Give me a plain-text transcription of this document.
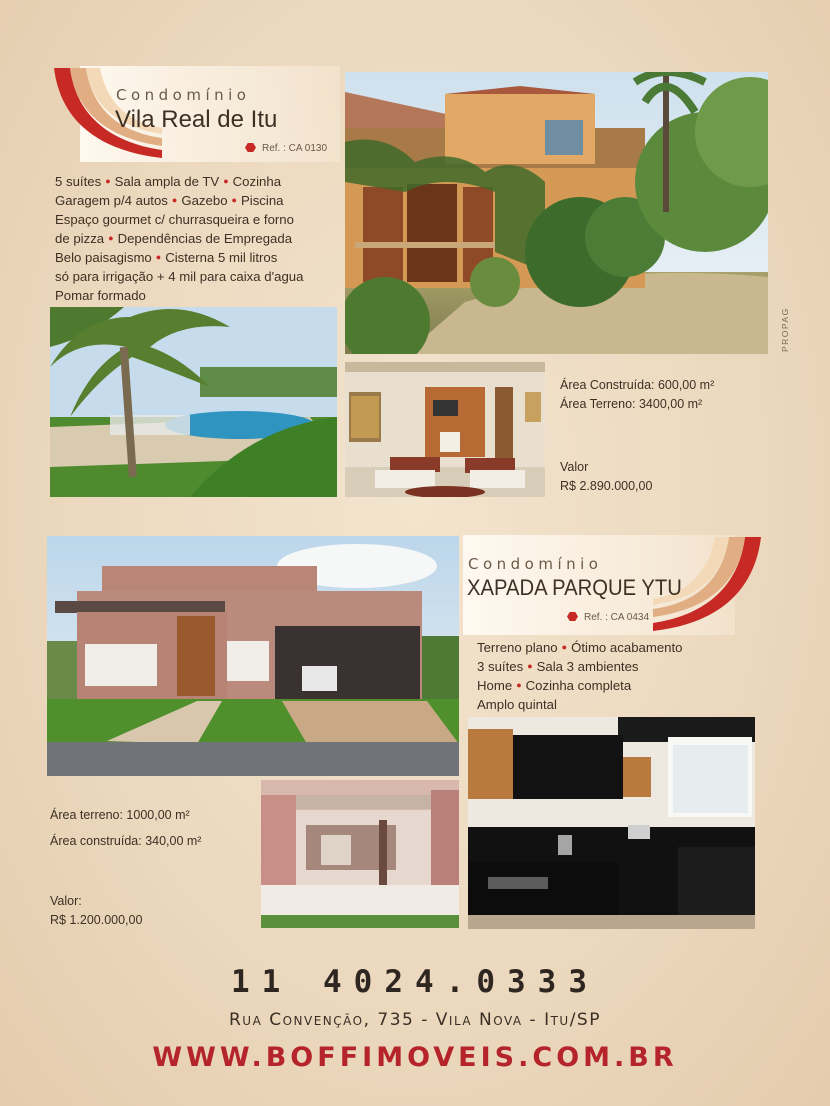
Condomínio
Vila Real de Itu
Ref. : CA 0130
5 suítes ● Sala ampla de TV ● Cozinha
Garagem p/4 autos ● Gazebo ● Piscina
Espaço gourmet c/ churrasqueira e forno
de pizza ● Dependências de Empregada
Belo paisagismo ● Cisterna 5 mil litros
só para irrigação + 4 mil para caixa d'agua
Pomar formado
Área Construída: 600,00 m²
Área Terreno: 3400,00 m²
Valor
R$ 2.890.000,00
PROPAG
Condomínio
XAPADA PARQUE YTU
Ref. : CA 0434
Terreno plano ● Ótimo acabamento
3 suítes ● Sala 3 ambientes
Home ● Cozinha completa
Amplo quintal
Área terreno: 1000,00 m²
Área construída: 340,00 m²
Valor:
R$ 1.200.000,00
11 4024.0333
Rua Convenção, 735 - Vila Nova - Itu/SP
WWW.BOFFIMOVEIS.COM.BR
